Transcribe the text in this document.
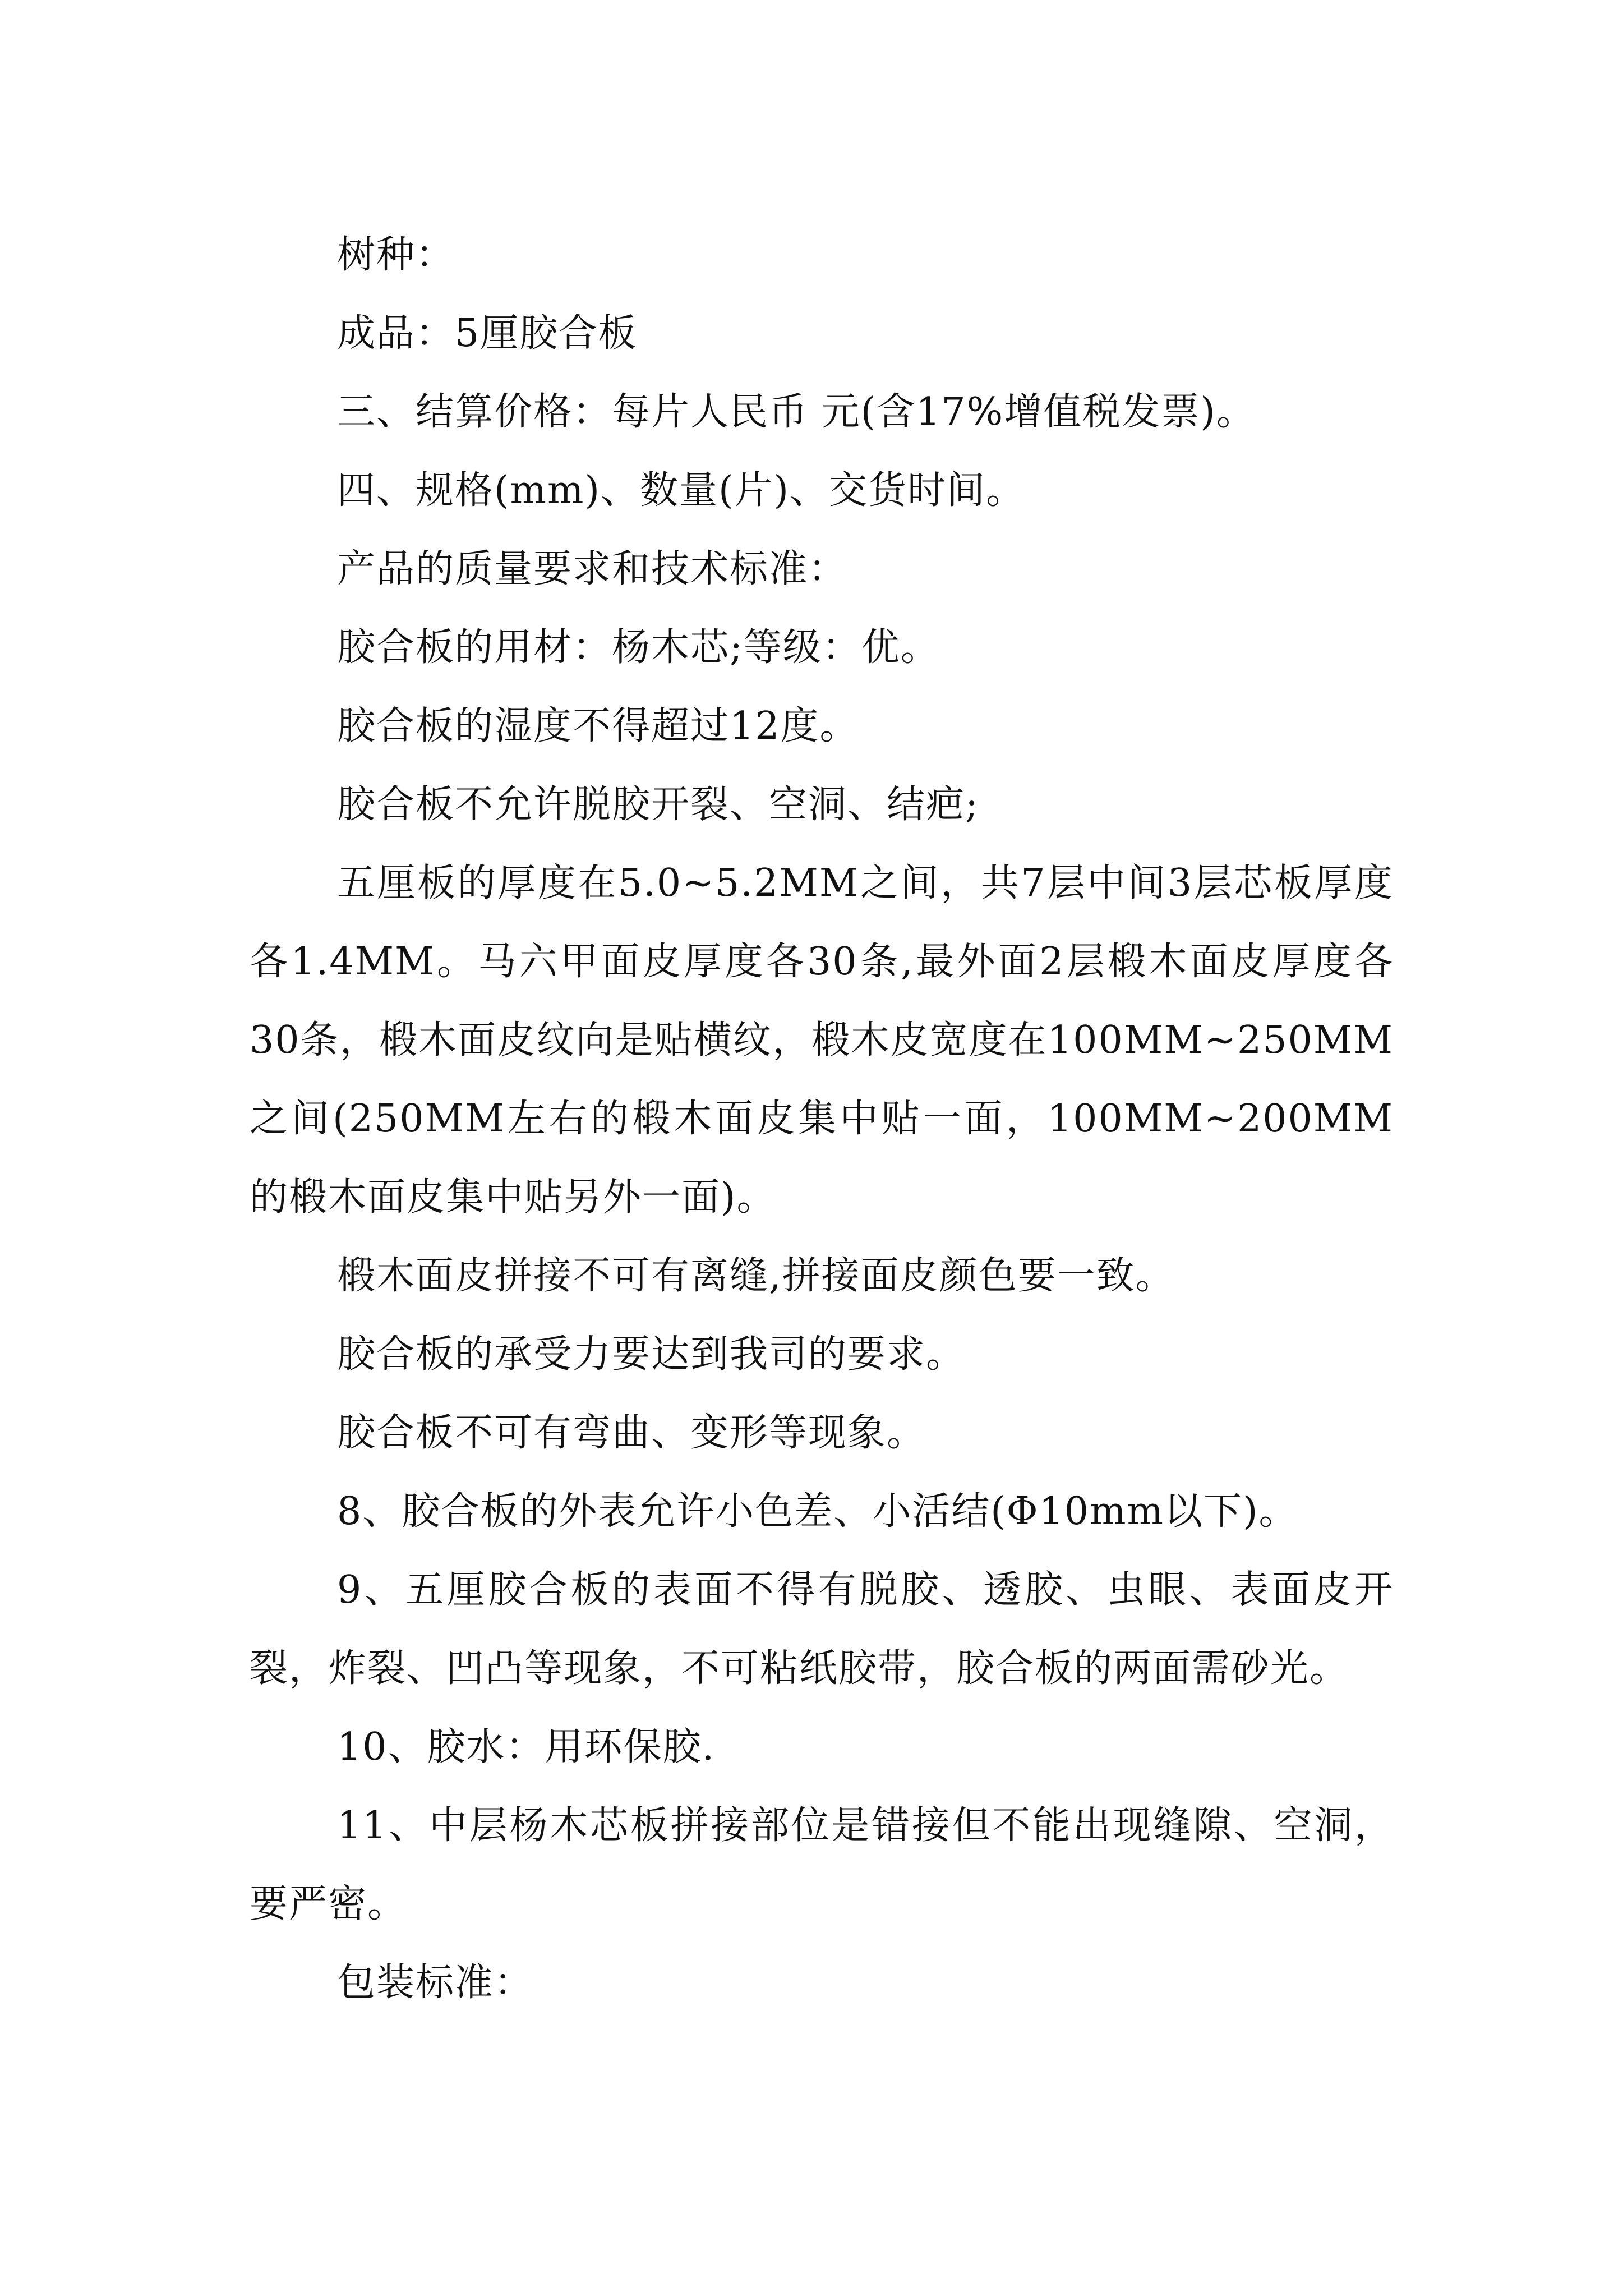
树种：
成品：5厘胶合板
三、结算价格：每片人民币 元(含17%增值税发票)。
四、规格(mm)、数量(片)、交货时间。
产品的质量要求和技术标准：
胶合板的用材：杨木芯;等级：优。
胶合板的湿度不得超过12度。
胶合板不允许脱胶开裂、空洞、结疤;
五厘板的厚度在5.0~5.2MM之间，共7层中间3层芯板厚度各1.4MM。马六甲面皮厚度各30条,最外面2层椴木面皮厚度各30条，椴木面皮纹向是贴横纹，椴木皮宽度在100MM~250MM之间(250MM左右的椴木面皮集中贴一面，100MM~200MM的椴木面皮集中贴另外一面)。
椴木面皮拼接不可有离缝,拼接面皮颜色要一致。
胶合板的承受力要达到我司的要求。
胶合板不可有弯曲、变形等现象。
8、胶合板的外表允许小色差、小活结(Φ10mm以下)。
9、五厘胶合板的表面不得有脱胶、透胶、虫眼、表面皮开裂，炸裂、凹凸等现象，不可粘纸胶带，胶合板的两面需砂光。
10、胶水：用环保胶.
11、中层杨木芯板拼接部位是错接但不能出现缝隙、空洞，要严密。
包装标准：
